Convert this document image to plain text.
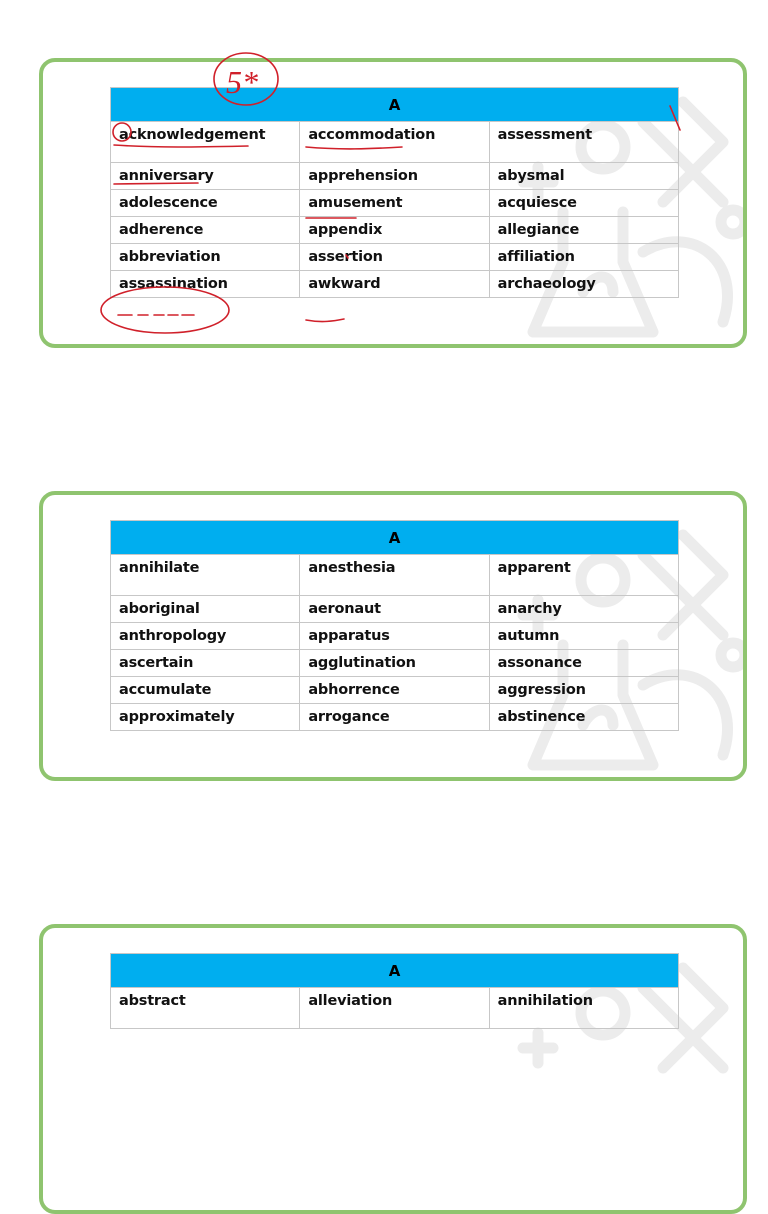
A		
acknowledgement	accommodation	assessment
anniversary	apprehension	abysmal
adolescence	amusement	acquiesce
adherence	appendix	allegiance
abbreviation	assertion	affiliation
assassination	awkward	archaeology
A		
annihilate	anesthesia	apparent
aboriginal	aeronaut	anarchy
anthropology	apparatus	autumn
ascertain	agglutination	assonance
accumulate	abhorrence	aggression
approximately	arrogance	abstinence
A
abstract	alleviation	annihilation
5*
